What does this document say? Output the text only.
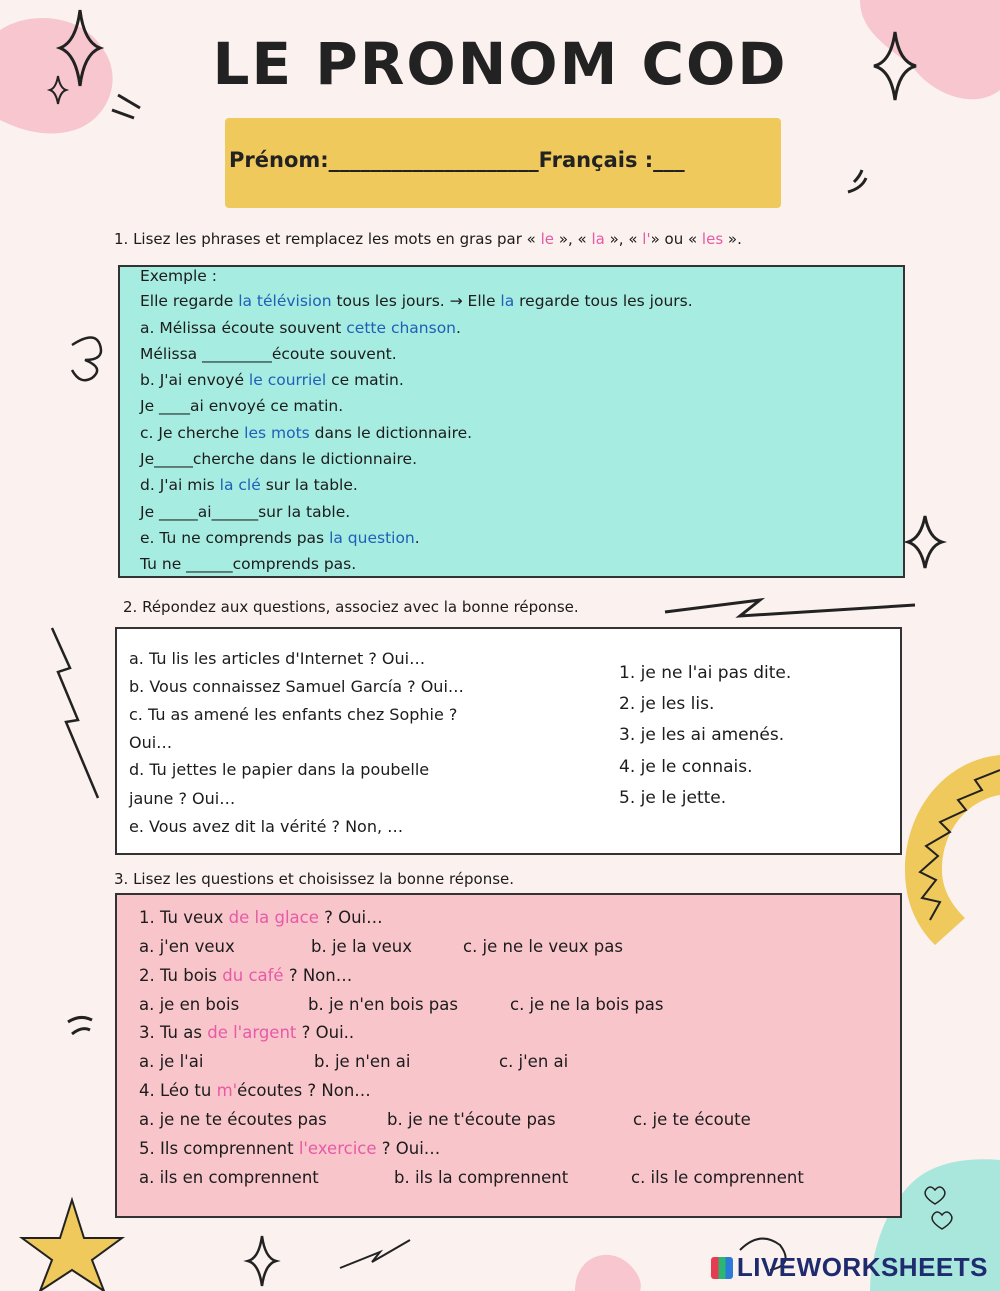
LE PRONOM COD
Prénom:____________________Français :___
1. Lisez les phrases et remplacez les mots en gras par « le », « la », « l'» ou « les ».
Exemple :
Elle regarde la télévision tous les jours. → Elle la regarde tous les jours.
a. Mélissa écoute souvent cette chanson.
Mélissa _________écoute souvent.
b. J'ai envoyé le courriel ce matin.
Je ____ai envoyé ce matin.
c. Je cherche les mots dans le dictionnaire.
Je_____cherche dans le dictionnaire.
d. J'ai mis la clé sur la table.
Je _____ai______sur la table.
e. Tu ne comprends pas la question.
Tu ne ______comprends pas.
2. Répondez aux questions, associez avec la bonne réponse.
a. Tu lis les articles d'Internet ? Oui…
b. Vous connaissez Samuel García ? Oui…
c. Tu as amené les enfants chez Sophie ?
Oui…
d. Tu jettes le papier dans la poubelle
jaune ? Oui…
e. Vous avez dit la vérité ? Non, …
1. je ne l'ai pas dite.
2. je les lis.
3. je les ai amenés.
4. je le connais.
5. je le jette.
3. Lisez les questions et choisissez la bonne réponse.
1. Tu veux de la glace ? Oui…
a. j'en veux	b. je la veux	c. je ne le veux pas
2. Tu bois du café ? Non…
a. je en bois	b. je n'en bois pas	c. je ne la bois pas
3. Tu as de l'argent ? Oui..
a. je l'ai	b. je n'en ai	c. j'en ai
4. Léo tu m'écoutes ? Non…
a. je ne te écoutes pas	b. je ne t'écoute pas	c. je te écoute
5. Ils comprennent l'exercice ? Oui…
a. ils en comprennent	b. ils la comprennent	c. ils le comprennent
LIVEWORKSHEETS
